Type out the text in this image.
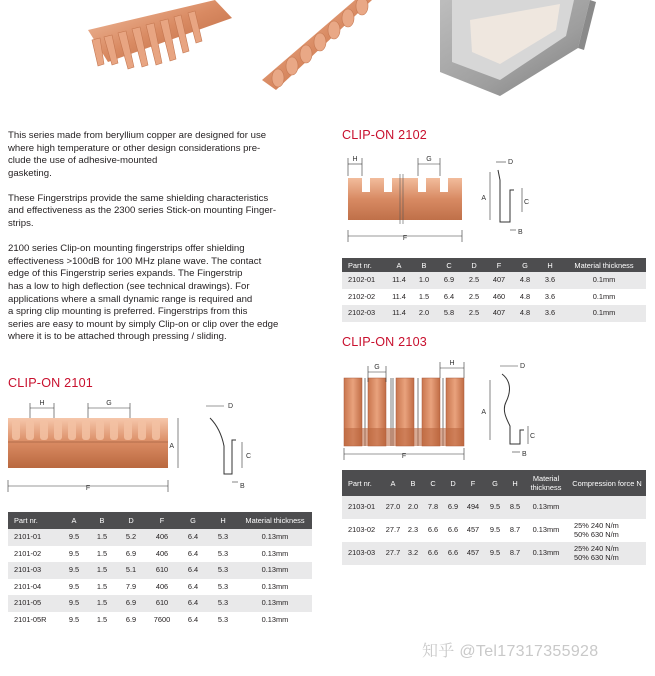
This series made from beryllium copper are designed for use
where high temperature or other design considerations pre-
clude the use of adhesive-mounted
gasketing.

These Fingerstrips provide the same shielding characteristics
and effectiveness as the 2300 series Stick-on mounting Finger-
strips.

2100 series Clip-on mounting fingerstrips offer shielding
effectiveness >100dB for 100 MHz plane wave. The contact
edge of this Fingerstrip series expands. The Fingerstrip
has a low to high deflection (see technical drawings). For
applications where a small dynamic range is required and
a spring clip mounting is preferred. Fingerstrips from this
series are easy to mount by simply Clip-on or clip over the edge
where it is to be attached through pressing / sliding.

CLIP-ON 2101
H	G
F
A
C
D
B
Part nr.	A	B	D	F	G	H	Material thickness
2101-01	9.5	1.5	5.2	406	6.4	5.3	0.13mm
2101-02	9.5	1.5	6.9	406	6.4	5.3	0.13mm
2101-03	9.5	1.5	5.1	610	6.4	5.3	0.13mm
2101-04	9.5	1.5	7.9	406	6.4	5.3	0.13mm
2101-05	9.5	1.5	6.9	610	6.4	5.3	0.13mm
2101-05R	9.5	1.5	6.9	7600	6.4	5.3	0.13mm
CLIP-ON 2102
H	G
F
A
C
D
B
Part nr.	A	B	C	D	F	G	H	Material thickness
2102-01	11.4	1.0	6.9	2.5	407	4.8	3.6	0.1mm
2102-02	11.4	1.5	6.4	2.5	460	4.8	3.6	0.1mm
2102-03	11.4	2.0	5.8	2.5	407	4.8	3.6	0.1mm
CLIP-ON 2103
G
H
F
A
C
D
B
Part nr.	A	B	C	D	F	G	H	Material thickness	Compression force N
2103-01	27.0	2.0	7.8	6.9	494	9.5	8.5	0.13mm	
2103-02	27.7	2.3	6.6	6.6	457	9.5	8.7	0.13mm	25% 240 N/m
50% 630 N/m
2103-03	27.7	3.2	6.6	6.6	457	9.5	8.7	0.13mm	25% 240 N/m
50% 630 N/m
知乎 @Tel17317355928
